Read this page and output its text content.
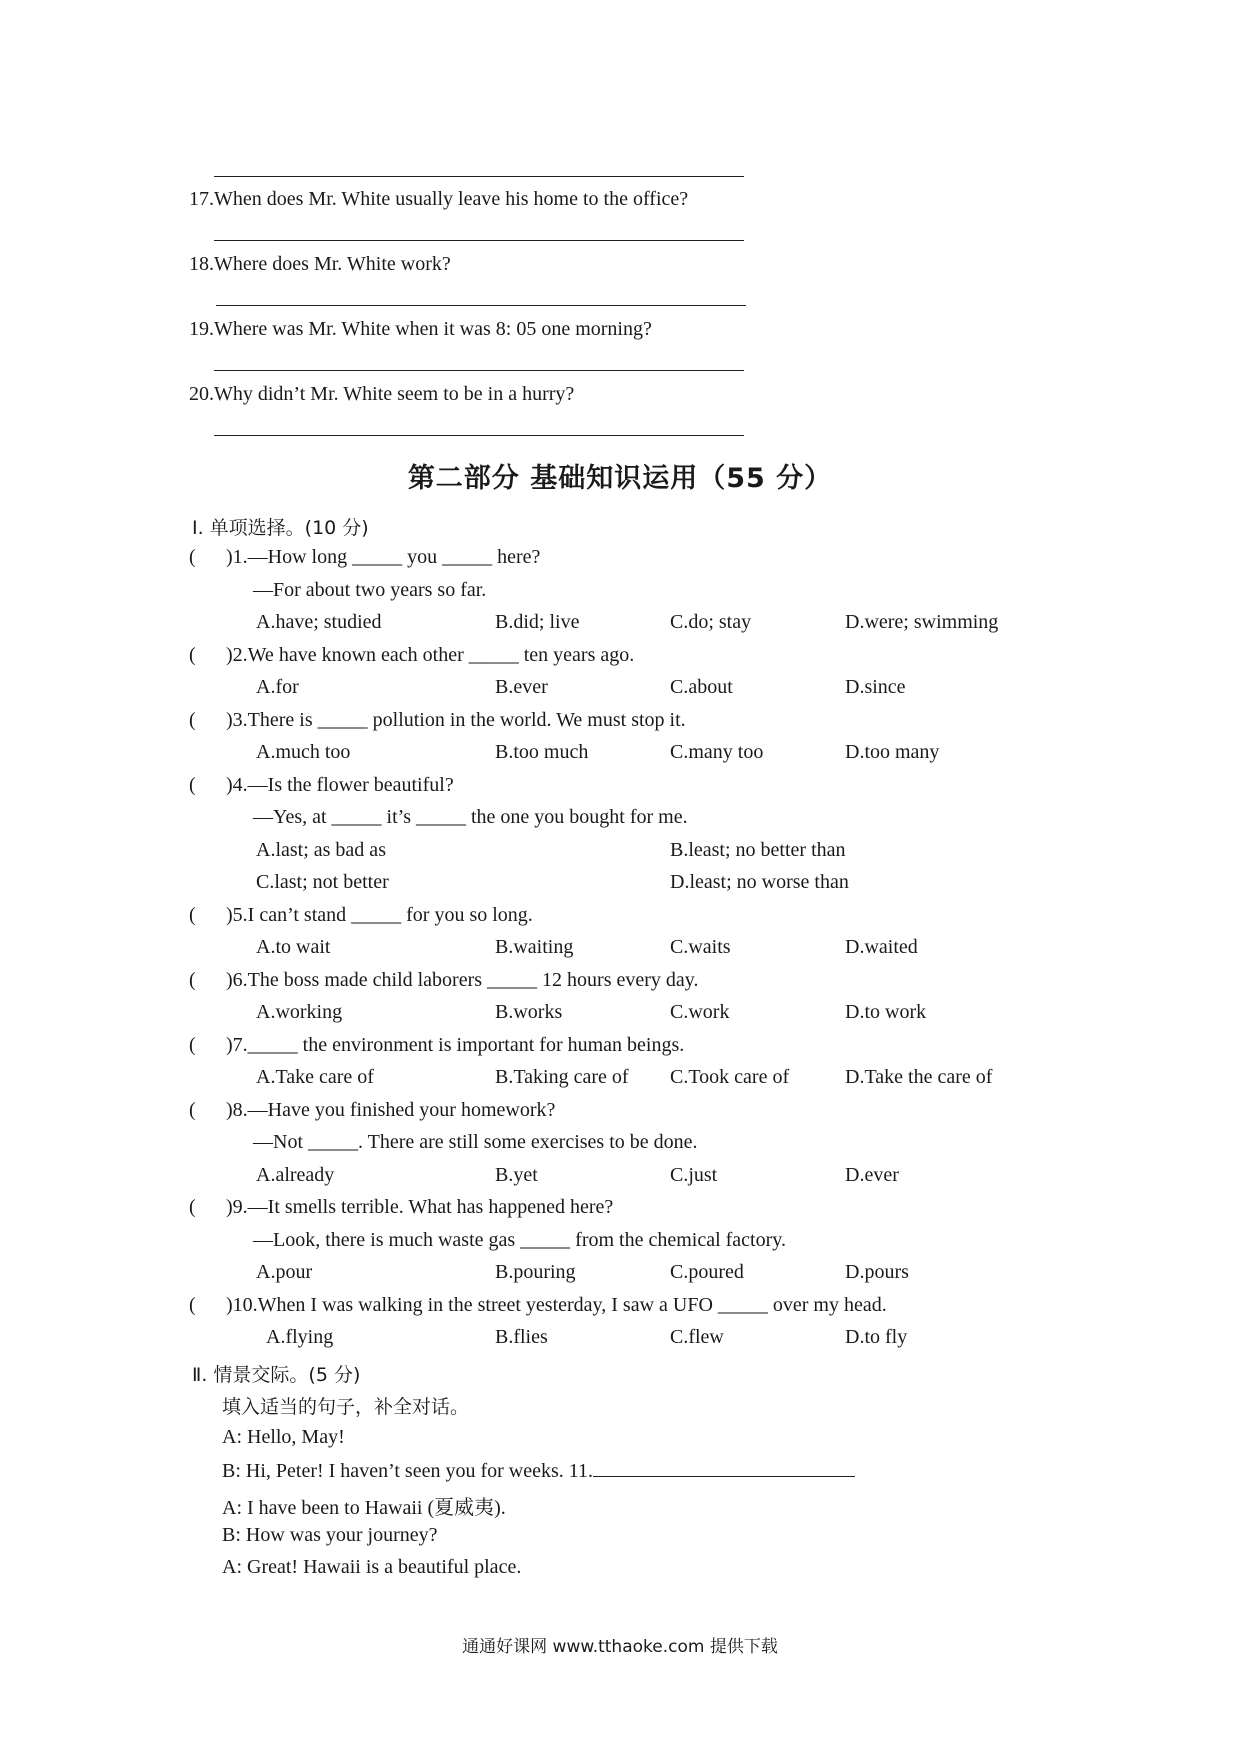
17.When does Mr. White usually leave his home to the office?
18.Where does Mr. White work?
19.Where was Mr. White when it was 8: 05 one morning?
20.Why didn’t Mr. White seem to be in a hurry?
第二部分 基础知识运用（55 分）
Ⅰ. 单项选择。(10 分)
( )1.—How long _____ you _____ here?
—For about two years so far.
A.have; studied	B.did; live	C.do; stay	D.were; swimming
( )2.We have known each other _____ ten years ago.
A.for	B.ever	C.about	D.since
( )3.There is _____ pollution in the world. We must stop it.
A.much too	B.too much	C.many too	D.too many
( )4.—Is the flower beautiful?
—Yes, at _____ it’s _____ the one you bought for me.
A.last; as bad as	B.least; no better than
C.last; not better	D.least; no worse than
( )5.I can’t stand _____ for you so long.
A.to wait	B.waiting	C.waits	D.waited
( )6.The boss made child laborers _____ 12 hours every day.
A.working	B.works	C.work	D.to work
( )7._____ the environment is important for human beings.
A.Take care of	B.Taking care of C.Took care of	D.Take the care of
( )8.—Have you finished your homework?
—Not _____. There are still some exercises to be done.
A.already	B.yet	C.just	D.ever
( )9.—It smells terrible. What has happened here?
—Look, there is much waste gas _____ from the chemical factory.
A.pour	B.pouring	C.poured	D.pours
( )10.When I was walking in the street yesterday, I saw a UFO _____ over my head.
A.flying	B.flies	C.flew	D.to fly
Ⅱ. 情景交际。(5 分)
填入适当的句子，补全对话。
A: Hello, May!
B: Hi, Peter! I haven’t seen you for weeks. 11.
A: I have been to Hawaii (夏威夷).
B: How was your journey?
A: Great! Hawaii is a beautiful place.
通通好课网 www.tthaoke.com 提供下载
